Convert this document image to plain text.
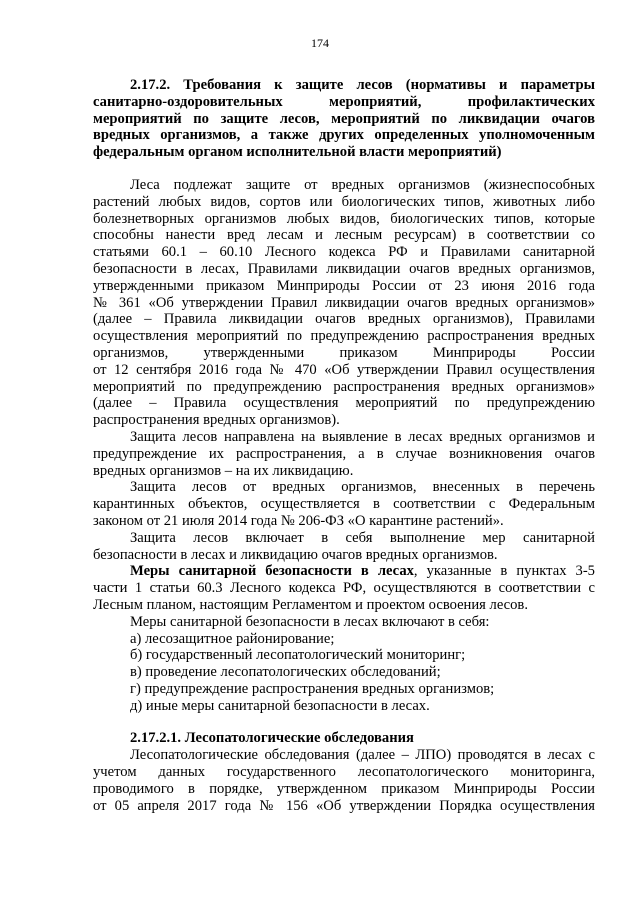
174
2.17.2. Требования к защите лесов (нормативы и параметры
санитарно-оздоровительных мероприятий, профилактических
мероприятий по защите лесов, мероприятий по ликвидации очагов
вредных организмов, а также других определенных уполномоченным
федеральным органом исполнительной власти мероприятий)
Леса подлежат защите от вредных организмов (жизнеспособных
растений любых видов, сортов или биологических типов, животных либо
болезнетворных организмов любых видов, биологических типов, которые
способны нанести вред лесам и лесным ресурсам) в соответствии со
статьями 60.1 – 60.10 Лесного кодекса РФ и Правилами санитарной
безопасности в лесах, Правилами ликвидации очагов вредных организмов,
утвержденными приказом Минприроды России от 23 июня 2016 года
№ 361 «Об утверждении Правил ликвидации очагов вредных организмов»
(далее – Правила ликвидации очагов вредных организмов), Правилами
осуществления мероприятий по предупреждению распространения вредных
организмов, утвержденными приказом Минприроды России
от 12 сентября 2016 года № 470 «Об утверждении Правил осуществления
мероприятий по предупреждению распространения вредных организмов»
(далее – Правила осуществления мероприятий по предупреждению
распространения вредных организмов).
Защита лесов направлена на выявление в лесах вредных организмов и
предупреждение их распространения, а в случае возникновения очагов
вредных организмов – на их ликвидацию.
Защита лесов от вредных организмов, внесенных в перечень
карантинных объектов, осуществляется в соответствии с Федеральным
законом от 21 июля 2014 года № 206-ФЗ «О карантине растений».
Защита лесов включает в себя выполнение мер санитарной
безопасности в лесах и ликвидацию очагов вредных организмов.
Меры санитарной безопасности в лесах, указанные в пунктах 3-5
части 1 статьи 60.3 Лесного кодекса РФ, осуществляются в соответствии с
Лесным планом, настоящим Регламентом и проектом освоения лесов.
Меры санитарной безопасности в лесах включают в себя:
а) лесозащитное районирование;
б) государственный лесопатологический мониторинг;
в) проведение лесопатологических обследований;
г) предупреждение распространения вредных организмов;
д) иные меры санитарной безопасности в лесах.
2.17.2.1. Лесопатологические обследования
Лесопатологические обследования (далее – ЛПО) проводятся в лесах с
учетом данных государственного лесопатологического мониторинга,
проводимого в порядке, утвержденном приказом Минприроды России
от 05 апреля 2017 года № 156 «Об утверждении Порядка осуществления
